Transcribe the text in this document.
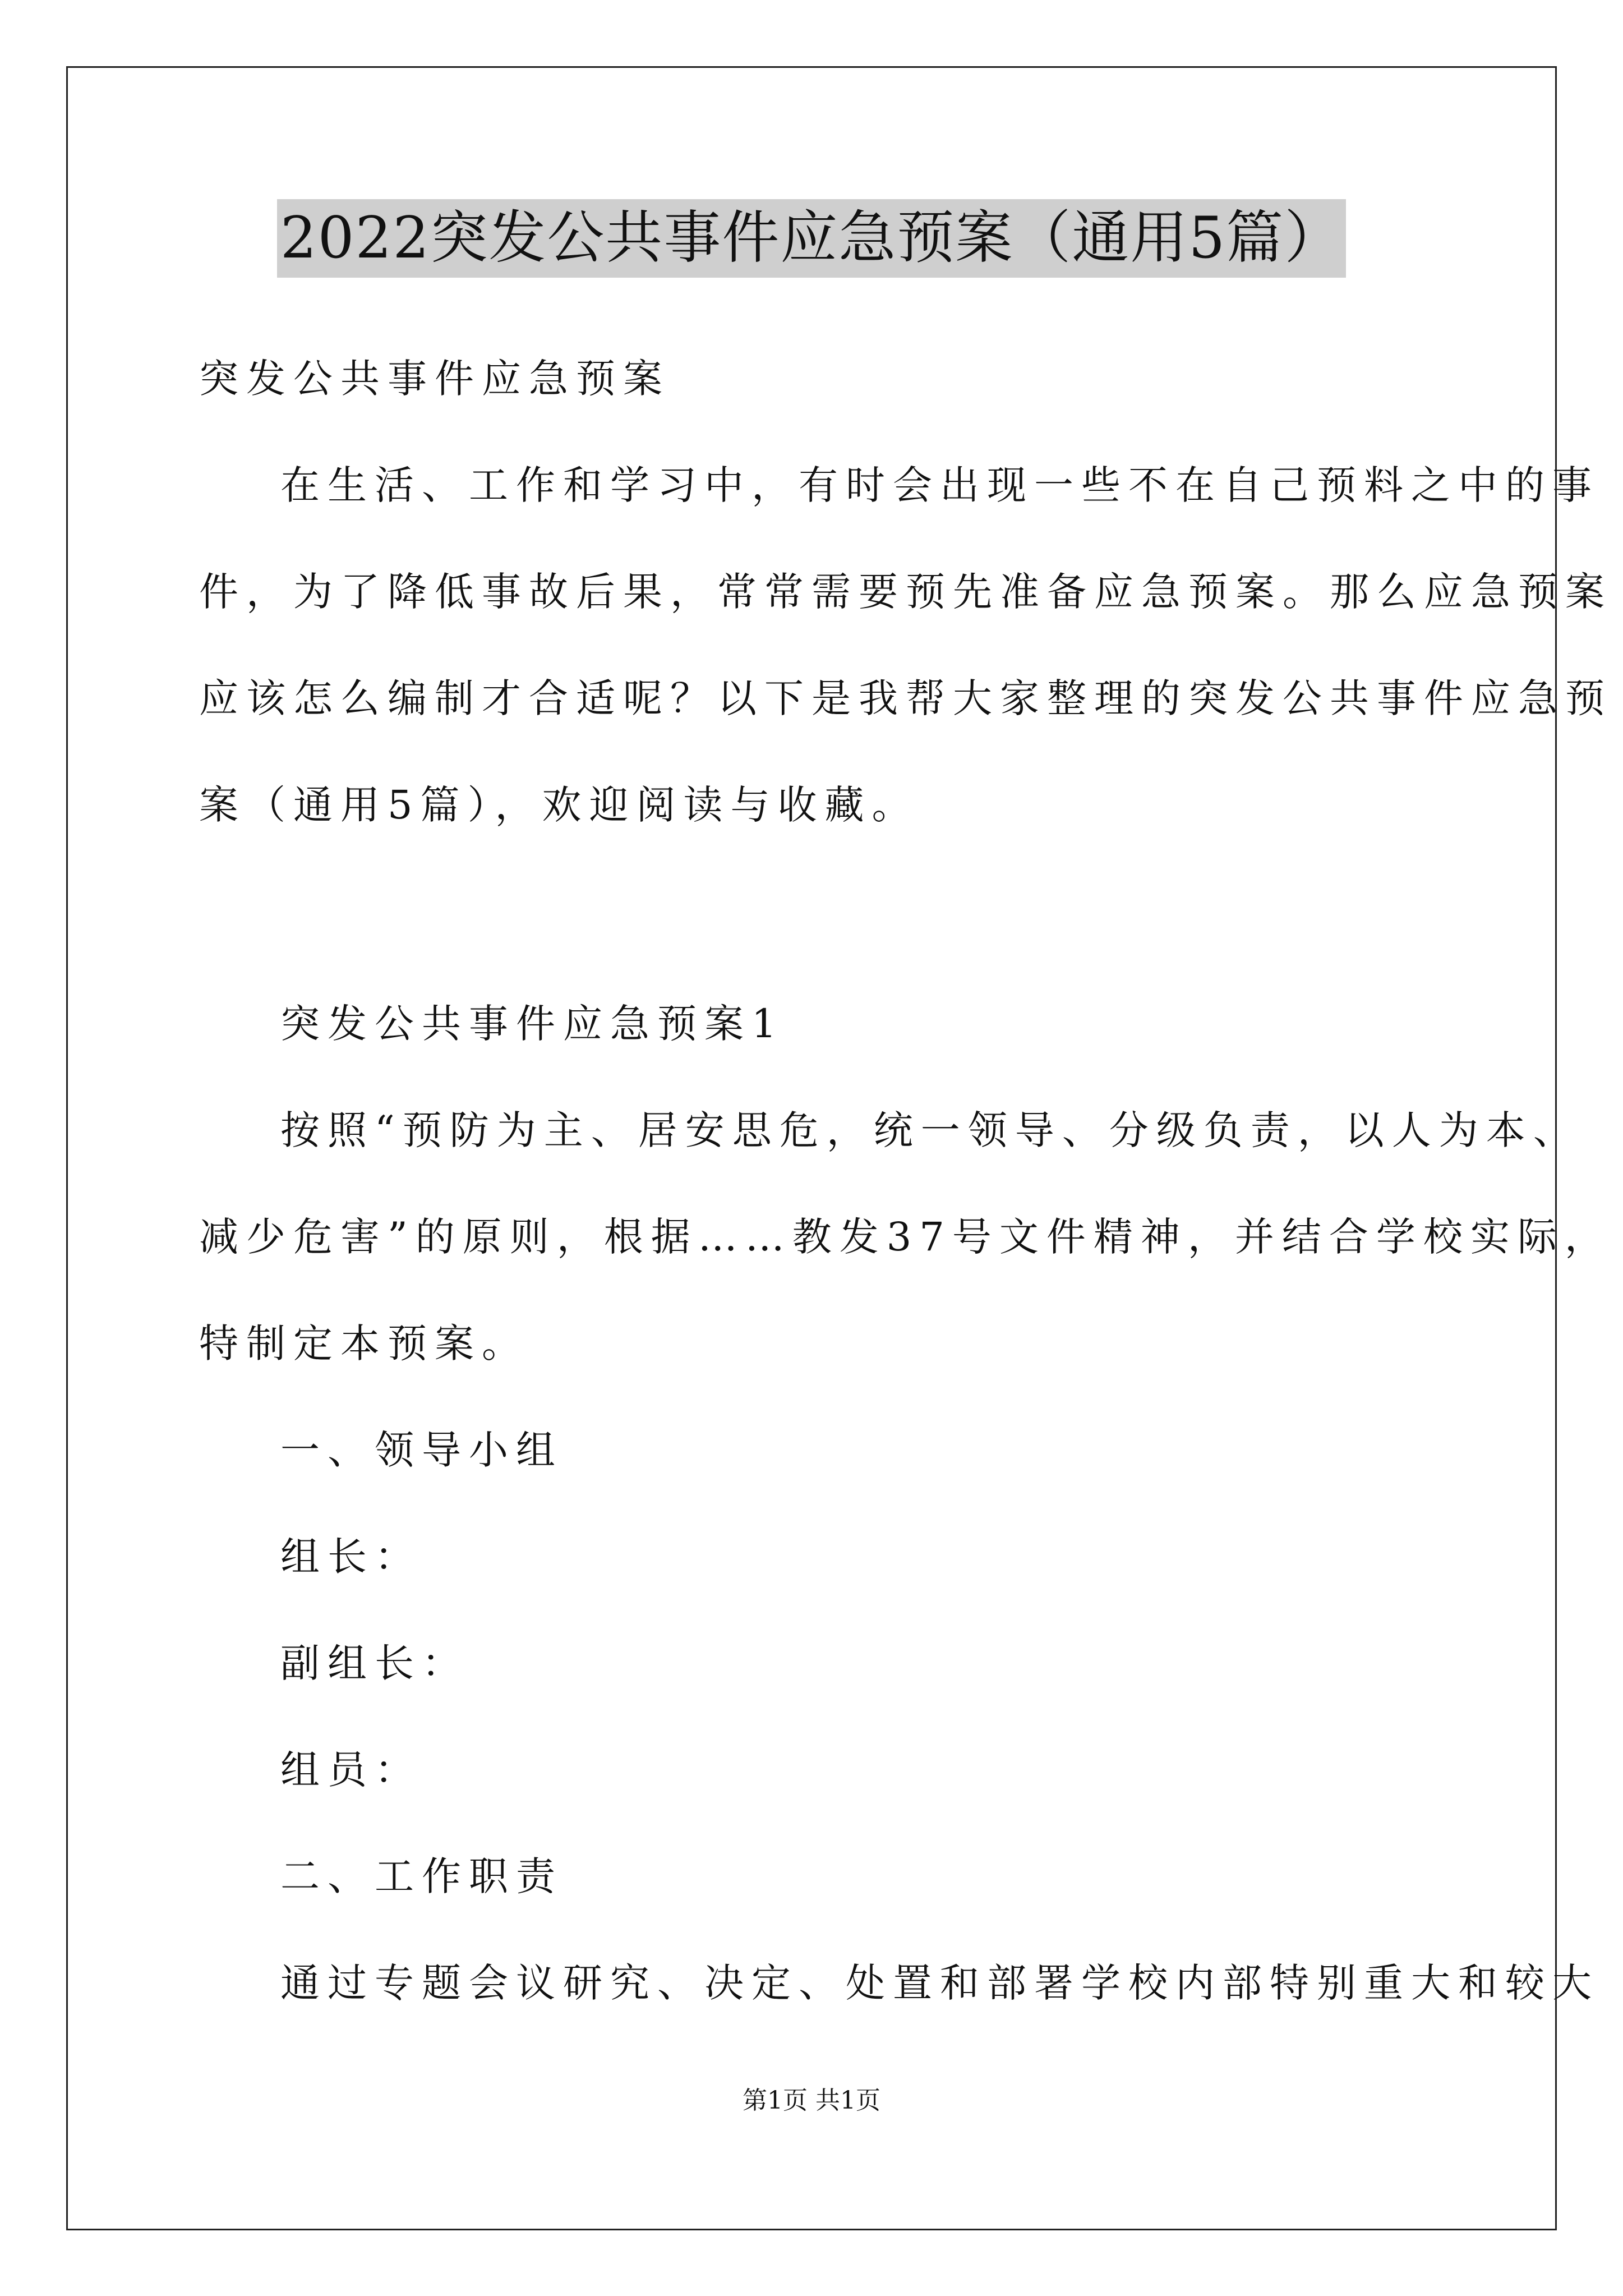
2022突发公共事件应急预案（通用5篇）
突发公共事件应急预案
在生活、工作和学习中，有时会出现一些不在自己预料之中的事
件，为了降低事故后果，常常需要预先准备应急预案。那么应急预案
应该怎么编制才合适呢？以下是我帮大家整理的突发公共事件应急预
案（通用5篇），欢迎阅读与收藏。
突发公共事件应急预案1
按照“预防为主、居安思危，统一领导、分级负责，以人为本、
减少危害”的原则，根据……教发37号文件精神，并结合学校实际，
特制定本预案。
一、领导小组
组长：
副组长：
组员：
二、工作职责
通过专题会议研究、决定、处置和部署学校内部特别重大和较大
第1页 共1页
